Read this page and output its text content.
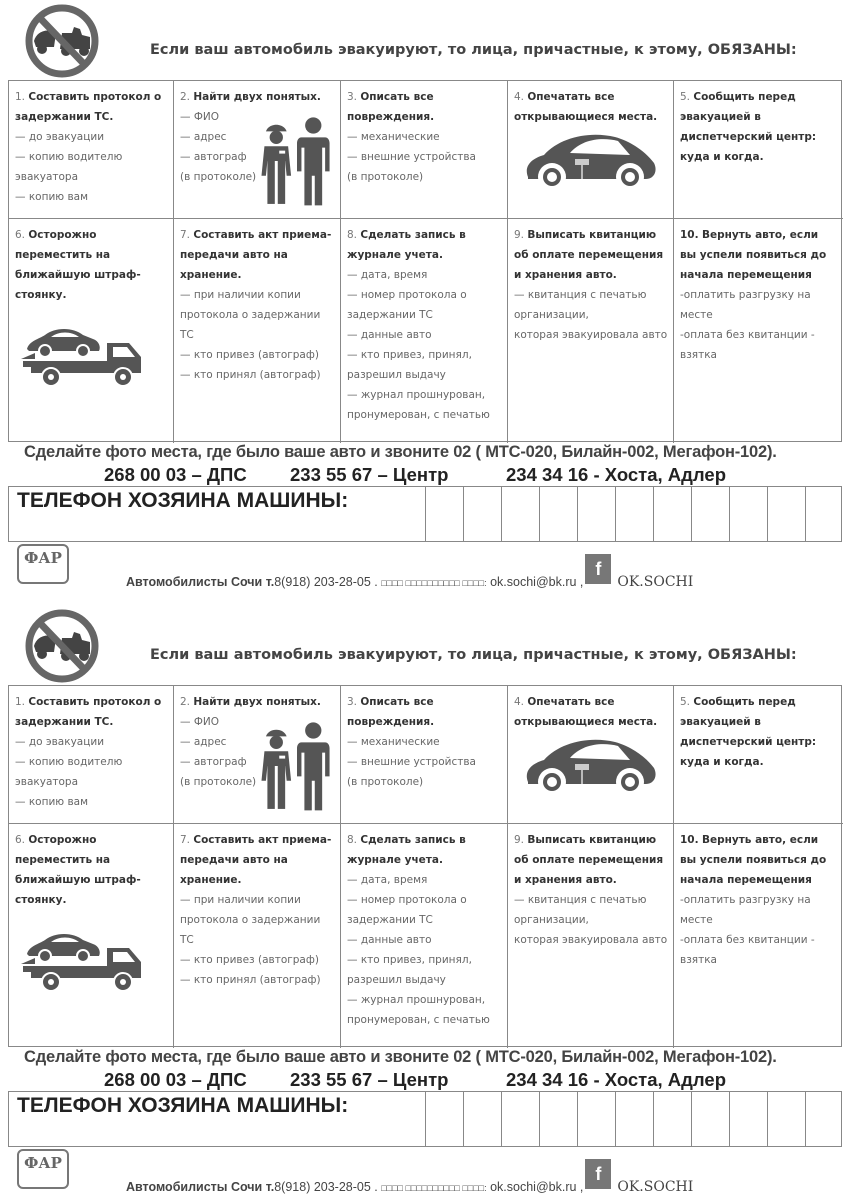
Если ваш автомобиль эвакуируют, то лица, причастные, к этому, ОБЯЗАНЫ:
1. Составить протокол о задержании ТС.
— до эвакуации
— копию водителю
эвакуатора
— копию вам
2. Найти двух понятых.
— ФИО
— адрес
— автограф
(в протоколе)
3. Описать все повреждения.
— механические
— внешние устройства
(в протоколе)
4. Опечатать все открывающиеся места.
5. Сообщить перед эвакуацией в диспетчерский центр: куда и когда.
6. Осторожно переместить на ближайшую штраф-стоянку.
7. Составить акт приема-передачи авто на хранение.
— при наличии копии
протокола о задержании
ТС
— кто привез (автограф)
— кто принял (автограф)
8. Сделать запись в журнале учета.
— дата, время
— номер протокола о
задержании ТС
— данные авто
— кто привез, принял,
разрешил выдачу
— журнал прошнурован,
пронумерован, с печатью
9. Выписать квитанцию об оплате перемещения и хранения авто.
— квитанция с печатью
организации,
которая эвакуировала авто
10. Вернуть авто, если вы успели появиться до начала перемещения
-оплатить разгрузку на
месте
-оплата без квитанции -
взятка
Сделайте фото места, где было ваше авто и звоните 02 ( МТС-020, Билайн-002, Мегафон-102).
268 00 03 – ДПС 233 55 67 – Центр	234 34 16 - Хоста, Адлер
ТЕЛЕФОН ХОЗЯИНА МАШИНЫ:
ФАР
Автомобилисты Сочи т.8(918) 203-28-05 . □□□□ □□□□□□□□□□ □□□□: ok.sochi@bk.ru ,fOK.SOCHI
Если ваш автомобиль эвакуируют, то лица, причастные, к этому, ОБЯЗАНЫ:
1. Составить протокол о задержании ТС.
— до эвакуации
— копию водителю
эвакуатора
— копию вам
2. Найти двух понятых.
— ФИО
— адрес
— автограф
(в протоколе)
3. Описать все повреждения.
— механические
— внешние устройства
(в протоколе)
4. Опечатать все открывающиеся места.
5. Сообщить перед эвакуацией в диспетчерский центр: куда и когда.
6. Осторожно переместить на ближайшую штраф-стоянку.
7. Составить акт приема-передачи авто на хранение.
— при наличии копии
протокола о задержании
ТС
— кто привез (автограф)
— кто принял (автограф)
8. Сделать запись в журнале учета.
— дата, время
— номер протокола о
задержании ТС
— данные авто
— кто привез, принял,
разрешил выдачу
— журнал прошнурован,
пронумерован, с печатью
9. Выписать квитанцию об оплате перемещения и хранения авто.
— квитанция с печатью
организации,
которая эвакуировала авто
10. Вернуть авто, если вы успели появиться до начала перемещения
-оплатить разгрузку на
месте
-оплата без квитанции -
взятка
Сделайте фото места, где было ваше авто и звоните 02 ( МТС-020, Билайн-002, Мегафон-102).
268 00 03 – ДПС 233 55 67 – Центр	234 34 16 - Хоста, Адлер
ТЕЛЕФОН ХОЗЯИНА МАШИНЫ:
ФАР
Автомобилисты Сочи т.8(918) 203-28-05 . □□□□ □□□□□□□□□□ □□□□: ok.sochi@bk.ru ,fOK.SOCHI
